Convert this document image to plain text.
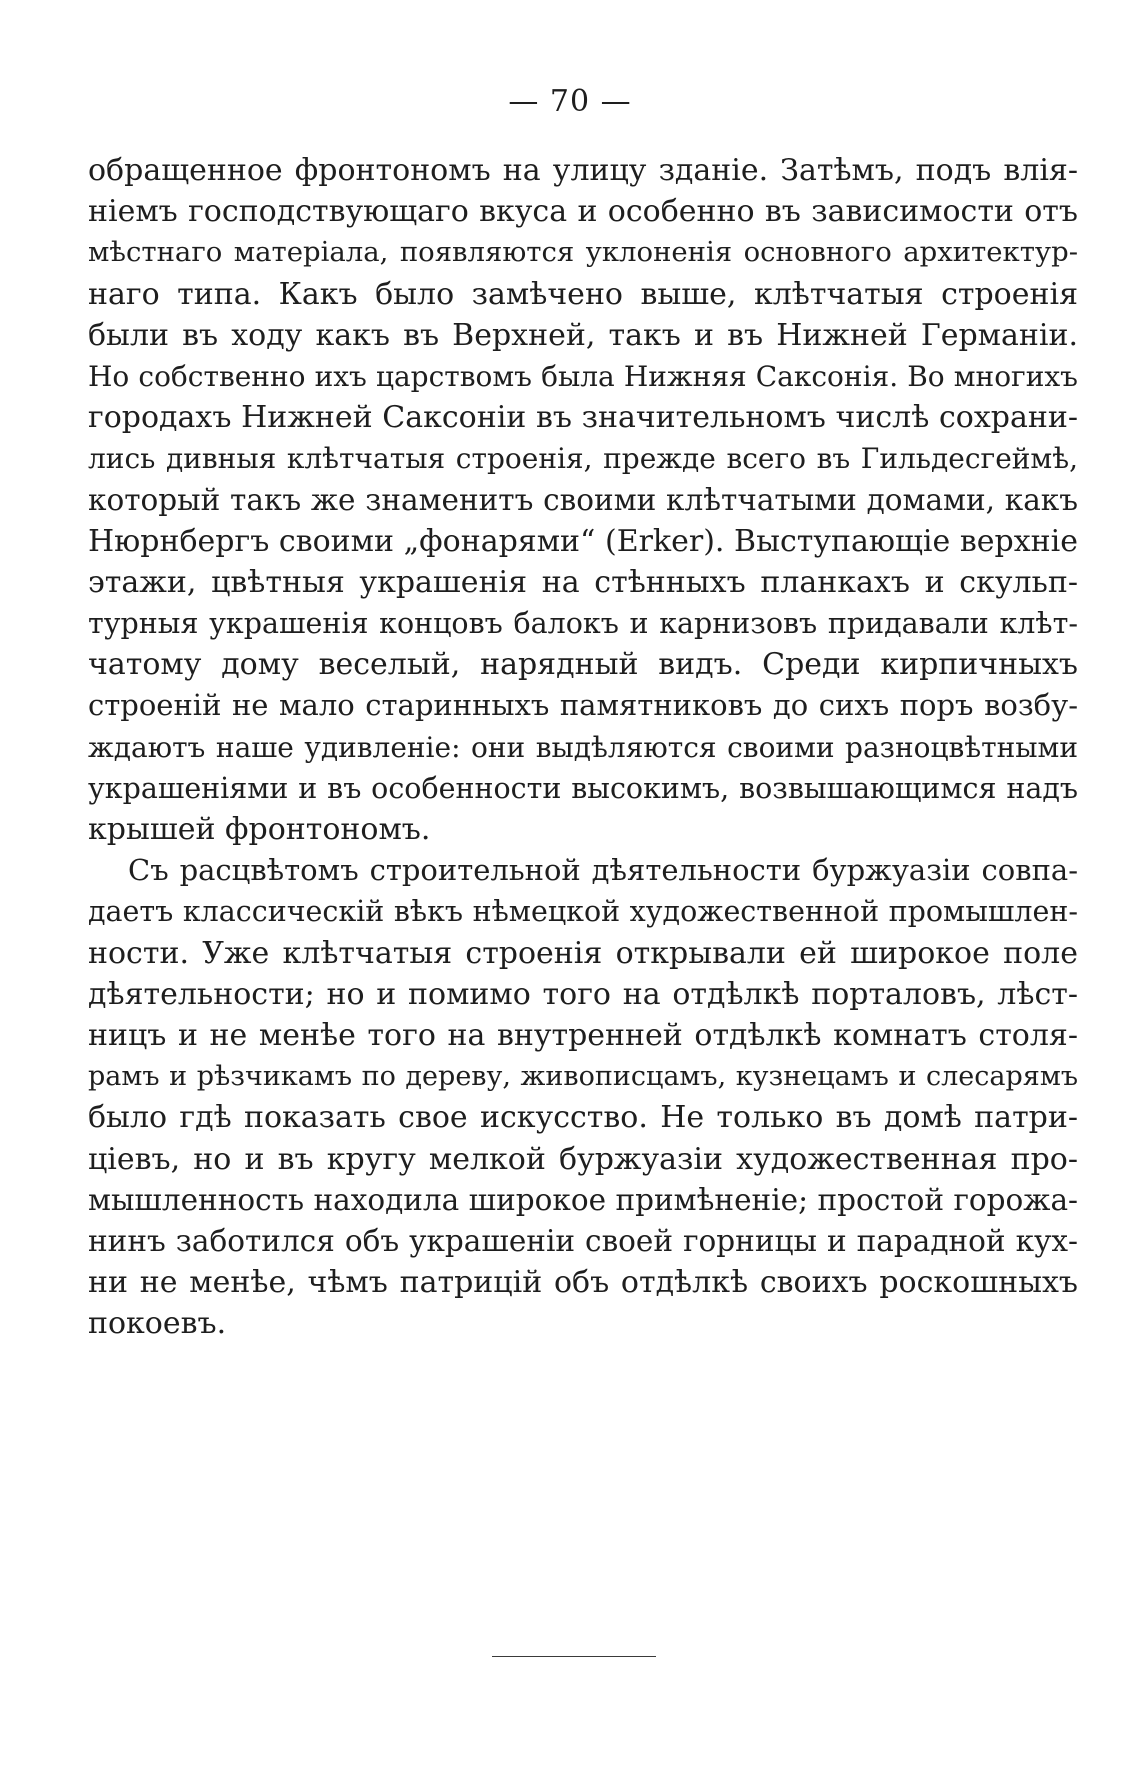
— 70 —
обращенное фронтономъ на улицу зданіе. Затѣмъ, подъ влія-
ніемъ господствующаго вкуса и особенно въ зависимости отъ
мѣстнаго матеріала, появляются уклоненія основного архитектур-
наго типа. Какъ было замѣчено выше, клѣтчатыя строенія
были въ ходу какъ въ Верхней, такъ и въ Нижней Германіи.
Но собственно ихъ царствомъ была Нижняя Саксонія. Во многихъ
городахъ Нижней Саксоніи въ значительномъ числѣ сохрани-
лись дивныя клѣтчатыя строенія, прежде всего въ Гильдесгеймѣ,
который такъ же знаменитъ своими клѣтчатыми домами, какъ
Нюрнбергъ своими „фонарями“ (Erker). Выступающіе верхніе
этажи, цвѣтныя украшенія на стѣнныхъ планкахъ и скульп-
турныя украшенія концовъ балокъ и карнизовъ придавали клѣт-
чатому дому веселый, нарядный видъ. Среди кирпичныхъ
строеній не мало старинныхъ памятниковъ до сихъ поръ возбу-
ждаютъ наше удивленіе: они выдѣляются своими разноцвѣтными
украшеніями и въ особенности высокимъ, возвышающимся надъ
крышей фронтономъ.
Съ расцвѣтомъ строительной дѣятельности буржуазіи совпа-
даетъ классическій вѣкъ нѣмецкой художественной промышлен-
ности. Уже клѣтчатыя строенія открывали ей широкое поле
дѣятельности; но и помимо того на отдѣлкѣ порталовъ, лѣст-
ницъ и не менѣе того на внутренней отдѣлкѣ комнатъ столя-
рамъ и рѣзчикамъ по дереву, живописцамъ, кузнецамъ и слесарямъ
было гдѣ показать свое искусство. Не только въ домѣ патри-
ціевъ, но и въ кругу мелкой буржуазіи художественная про-
мышленность находила широкое примѣненіе; простой горожа-
нинъ заботился объ украшеніи своей горницы и парадной кух-
ни не менѣе, чѣмъ патрицій объ отдѣлкѣ своихъ роскошныхъ
покоевъ.
